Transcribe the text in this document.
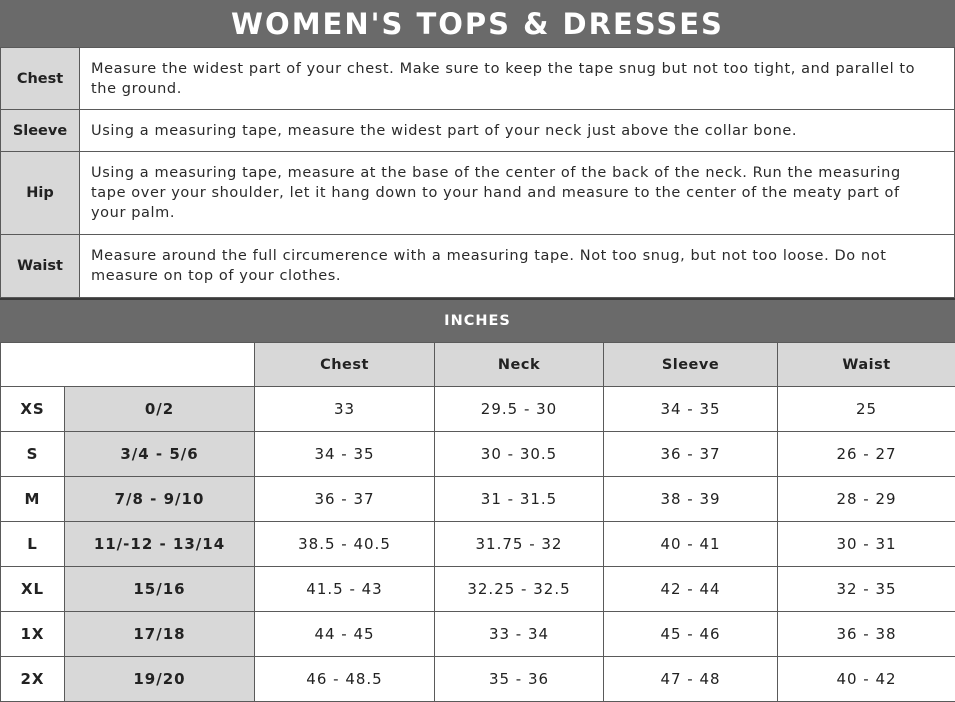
WOMEN'S TOPS & DRESSES
Chest	Measure the widest part of your chest. Make sure to keep the tape snug but not too tight, and parallel to the ground.
Sleeve	Using a measuring tape, measure the widest part of your neck just above the collar bone.
Hip	Using a measuring tape, measure at the base of the center of the back of the neck. Run the measuring tape over your shoulder, let it hang down to your hand and measure to the center of the meaty part of your palm.
Waist	Measure around the full circumerence with a measuring tape. Not too snug, but not too loose. Do not measure on top of your clothes.
INCHES
		Chest	Neck	Sleeve	Waist
XS	0/2	33	29.5 - 30	34 - 35	25
S	3/4 - 5/6	34 - 35	30 - 30.5	36 - 37	26 - 27
M	7/8 - 9/10	36 - 37	31 - 31.5	38 - 39	28 - 29
L	11/-12 - 13/14	38.5 - 40.5	31.75 - 32	40 - 41	30 - 31
XL	15/16	41.5 - 43	32.25 - 32.5	42 - 44	32 - 35
1X	17/18	44 - 45	33 - 34	45 - 46	36 - 38
2X	19/20	46 - 48.5	35 - 36	47 - 48	40 - 42
